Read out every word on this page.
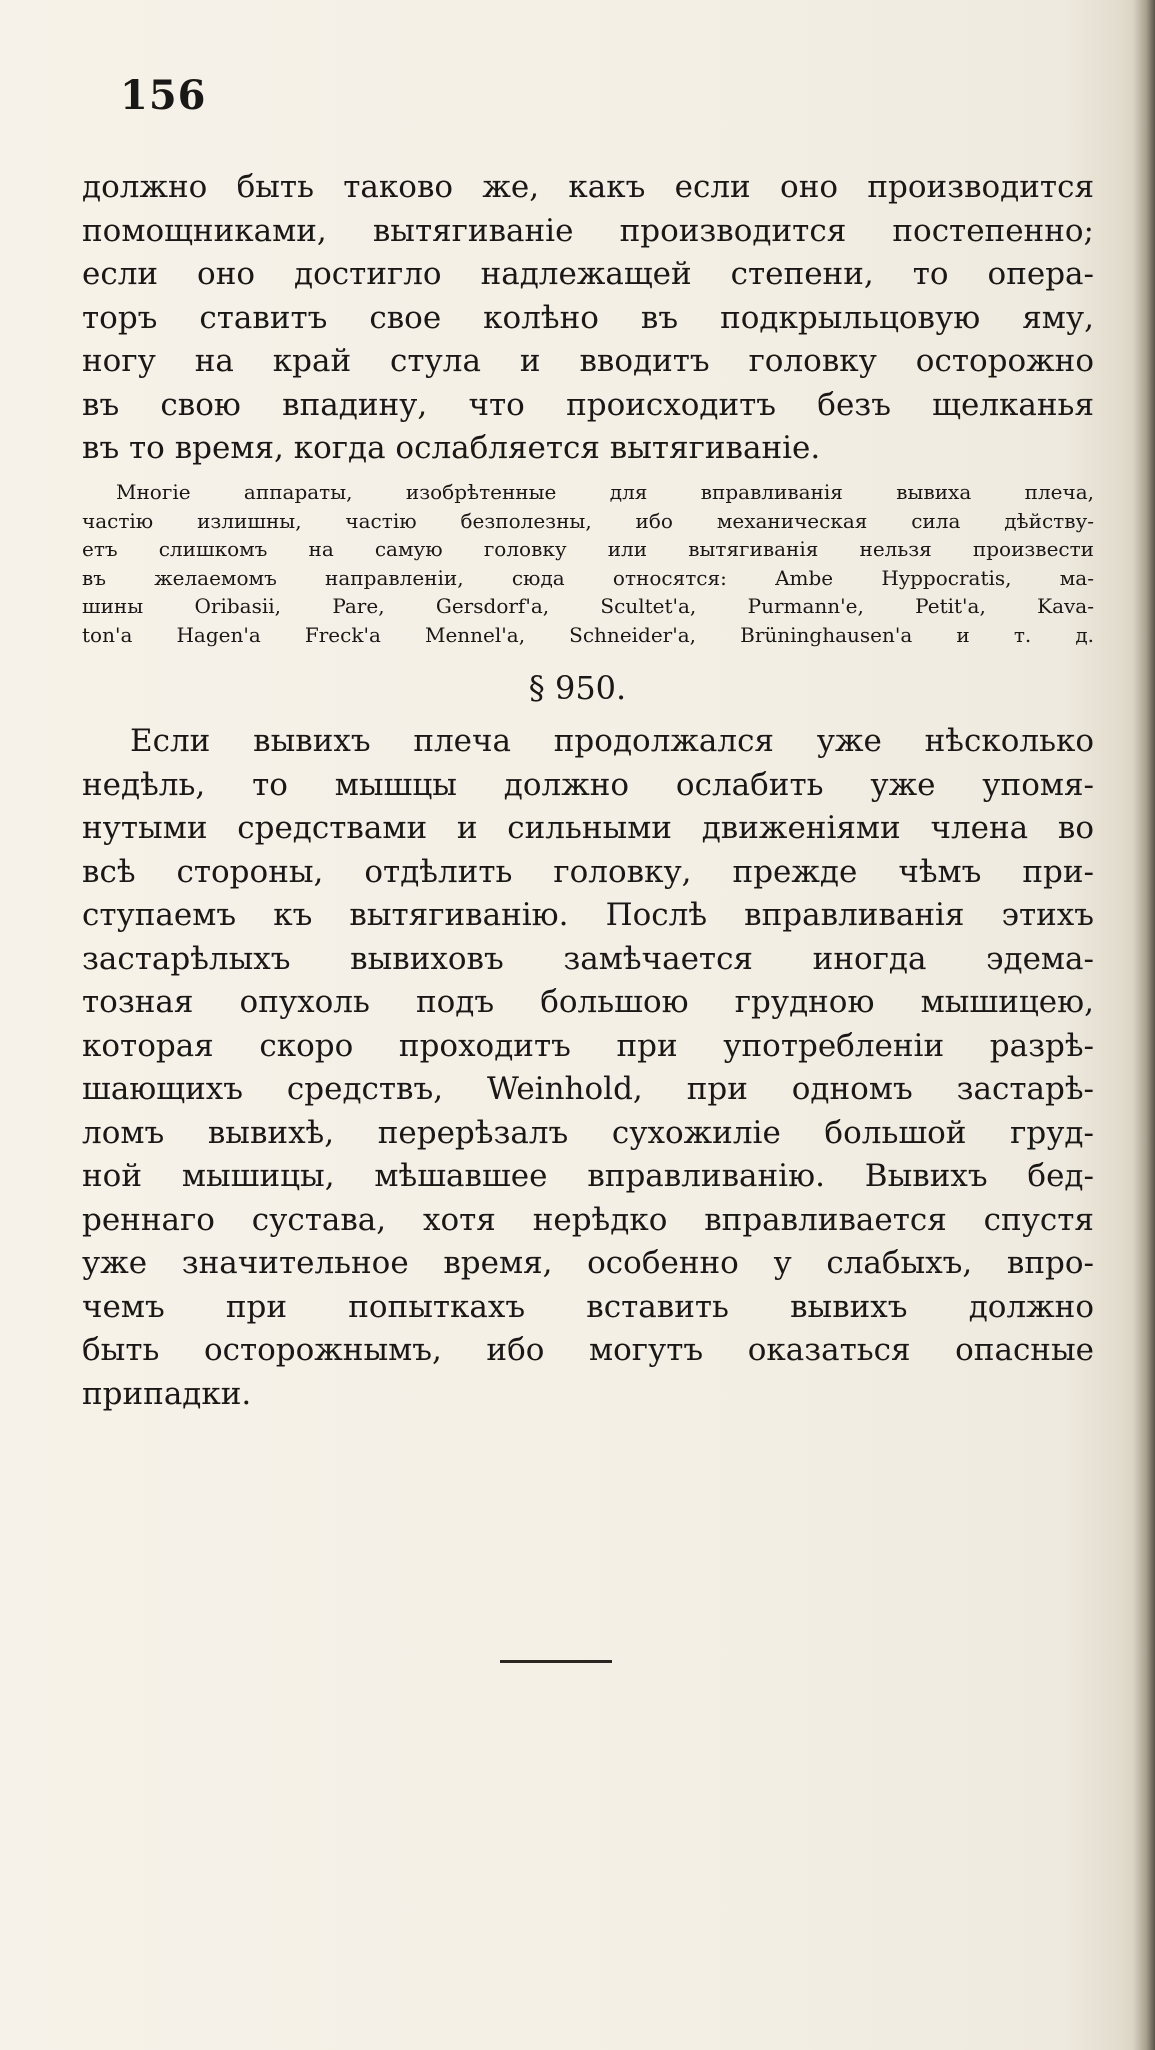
156
должно быть таково же, какъ если оно производится
помощниками, вытягиваніе производится постепенно;
если оно достигло надлежащей степени, то опера-
торъ ставитъ свое колѣно въ подкрыльцовую яму,
ногу на край стула и вводитъ головку осторожно
въ свою впадину, что происходитъ безъ щелканья
въ то время, когда ослабляется вытягиваніе.
Многіе аппараты, изобрѣтенные для вправливанія вывиха плеча,
частію излишны, частію безполезны, ибо механическая сила дѣйству-
етъ слишкомъ на самую головку или вытягиванія нельзя произвести
въ желаемомъ направленіи, сюда относятся: Ambe Hyppocratis, ма-
шины Oribasii, Pare, Gersdorf'a, Scultet'a, Purmann'e, Petit'a, Kava-
ton'a Hagen'a Freck'a Mennel'a, Schneider'a, Brüninghausen'a и т. д.
§ 950.
Если вывихъ плеча продолжался уже нѣсколько
недѣль, то мышцы должно ослабить уже упомя-
нутыми средствами и сильными движеніями члена во
всѣ стороны, отдѣлить головку, прежде чѣмъ при-
ступаемъ къ вытягиванію. Послѣ вправливанія этихъ
застарѣлыхъ вывиховъ замѣчается иногда эдема-
тозная опухоль подъ большою грудною мышицею,
которая скоро проходитъ при употребленіи разрѣ-
шающихъ средствъ, Weinhold, при одномъ застарѣ-
ломъ вывихѣ, перерѣзалъ сухожиліе большой груд-
ной мышицы, мѣшавшее вправливанію. Вывихъ бед-
реннаго сустава, хотя нерѣдко вправливается спустя
уже значительное время, особенно у слабыхъ, впро-
чемъ при попыткахъ вставить вывихъ должно
быть осторожнымъ, ибо могутъ оказаться опасные
припадки.
